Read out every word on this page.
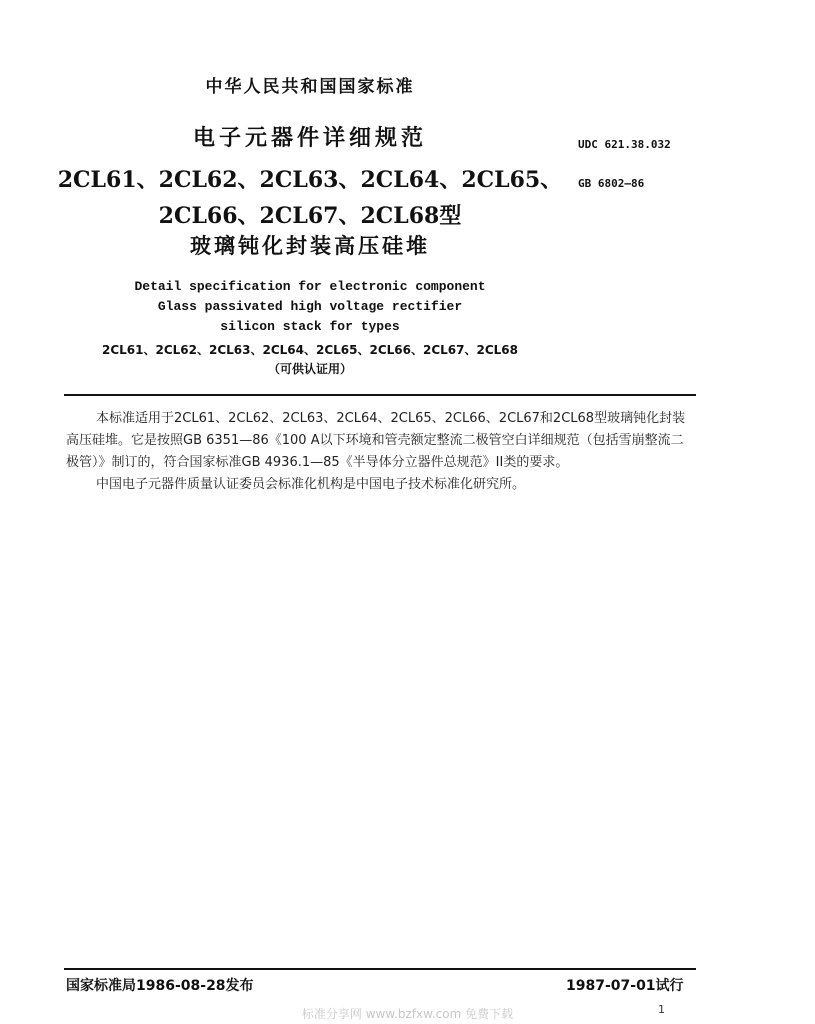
中华人民共和国国家标准
电子元器件详细规范
2CL61、2CL62、2CL63、2CL64、2CL65、
2CL66、2CL67、2CL68型
玻璃钝化封装高压硅堆
UDC 621.38.032
GB 6802—86
Detail specification for electronic component
Glass passivated high voltage rectifier
silicon stack for types
2CL61、2CL62、2CL63、2CL64、2CL65、2CL66、2CL67、2CL68
（可供认证用）

本标准适用于2CL61、2CL62、2CL63、2CL64、2CL65、2CL66、2CL67和2CL68型玻璃钝化封装高压硅堆。它是按照GB 6351—86《100 A以下环境和管壳额定整流二极管空白详细规范（包括雪崩整流二极管）》制订的，符合国家标准GB 4936.1—85《半导体分立器件总规范》II类的要求。

中国电子元器件质量认证委员会标准化机构是中国电子技术标准化研究所。

国家标准局1986-08-28发布	1987-07-01试行
1
标准分享网 www.bzfxw.com 免费下载
